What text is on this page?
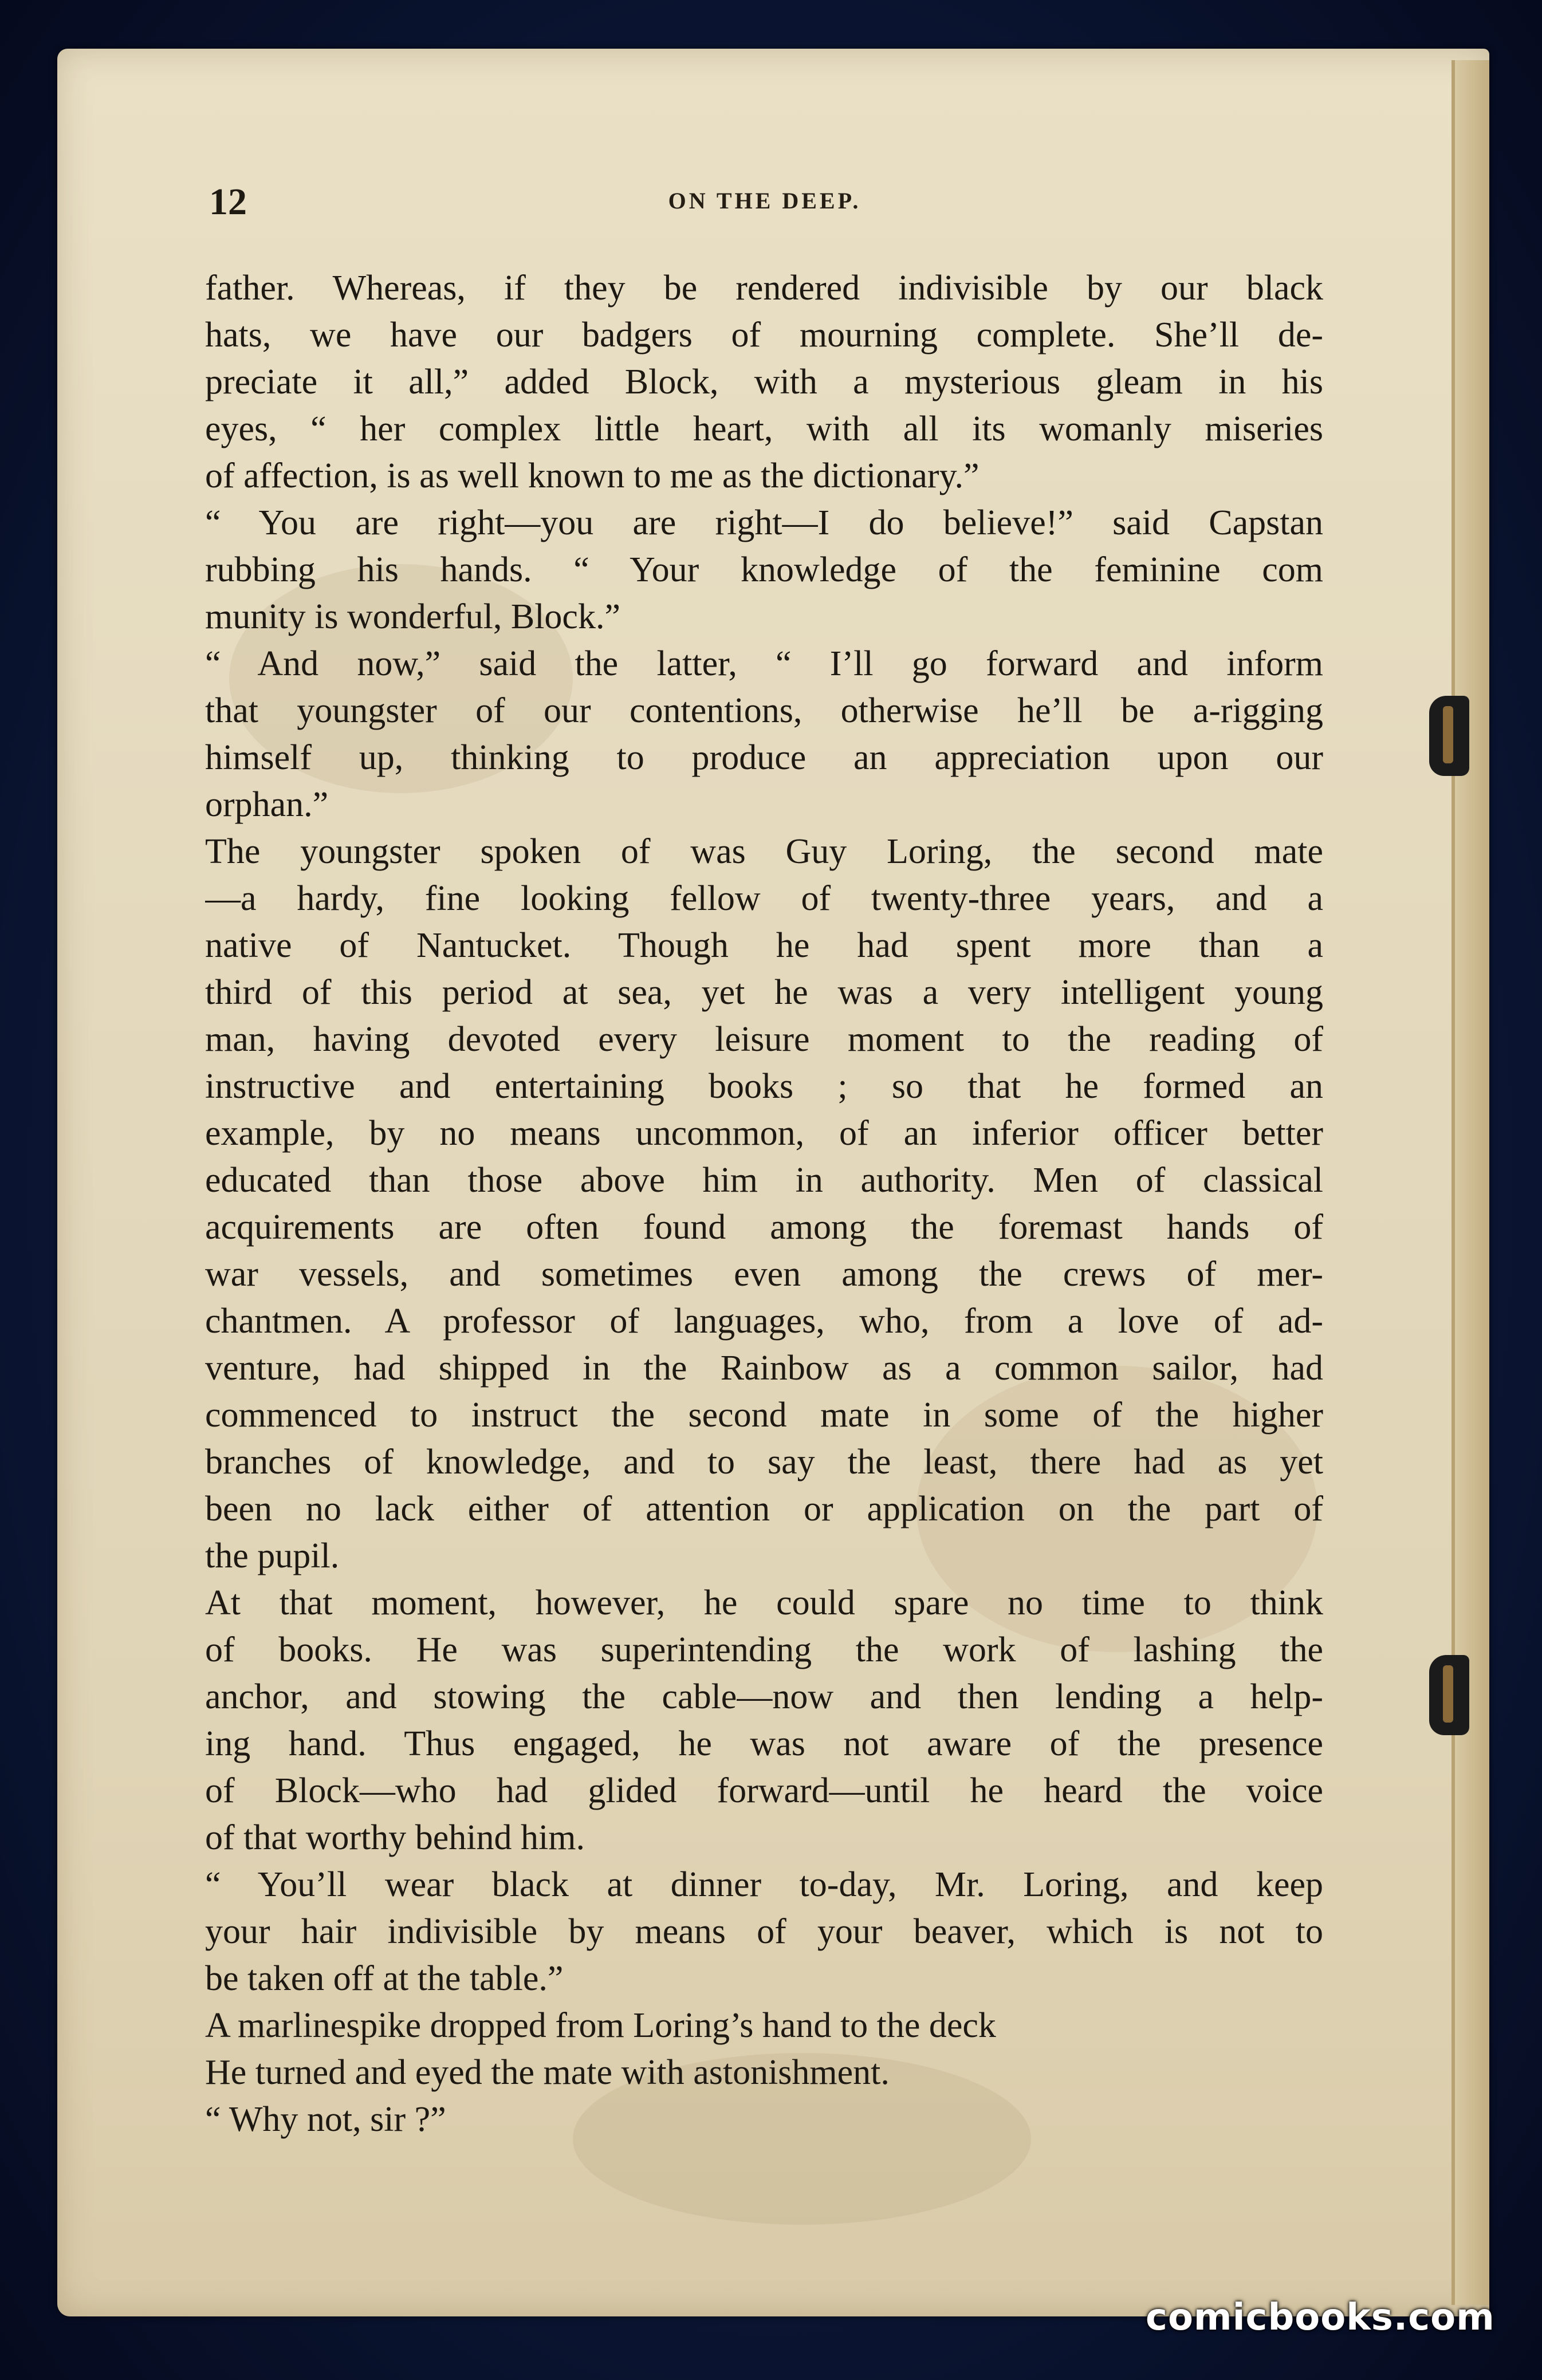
12	ON THE DEEP.
father. Whereas, if they be rendered indivisible by our black
hats, we have our badgers of mourning complete. She’ll de-
preciate it all,” added Block, with a mysterious gleam in his
eyes, “ her complex little heart, with all its womanly miseries
of affection, is as well known to me as the dictionary.”
“ You are right—you are right—I do believe!” said Capstan
rubbing his hands. “ Your knowledge of the feminine com
munity is wonderful, Block.”
“ And now,” said the latter, “ I’ll go forward and inform
that youngster of our contentions, otherwise he’ll be a-rigging
himself up, thinking to produce an appreciation upon our
orphan.”
The youngster spoken of was Guy Loring, the second mate
—a hardy, fine looking fellow of twenty-three years, and a
native of Nantucket. Though he had spent more than a
third of this period at sea, yet he was a very intelligent young
man, having devoted every leisure moment to the reading of
instructive and entertaining books ; so that he formed an
example, by no means uncommon, of an inferior officer better
educated than those above him in authority. Men of classical
acquirements are often found among the foremast hands of
war vessels, and sometimes even among the crews of mer-
chantmen. A professor of languages, who, from a love of ad-
venture, had shipped in the Rainbow as a common sailor, had
commenced to instruct the second mate in some of the higher
branches of knowledge, and to say the least, there had as yet
been no lack either of attention or application on the part of
the pupil.
At that moment, however, he could spare no time to think
of books. He was superintending the work of lashing the
anchor, and stowing the cable—now and then lending a help-
ing hand. Thus engaged, he was not aware of the presence
of Block—who had glided forward—until he heard the voice
of that worthy behind him.
“ You’ll wear black at dinner to-day, Mr. Loring, and keep
your hair indivisible by means of your beaver, which is not to
be taken off at the table.”
A marlinespike dropped from Loring’s hand to the deck
He turned and eyed the mate with astonishment.
“ Why not, sir ?”
comicbooks.com
